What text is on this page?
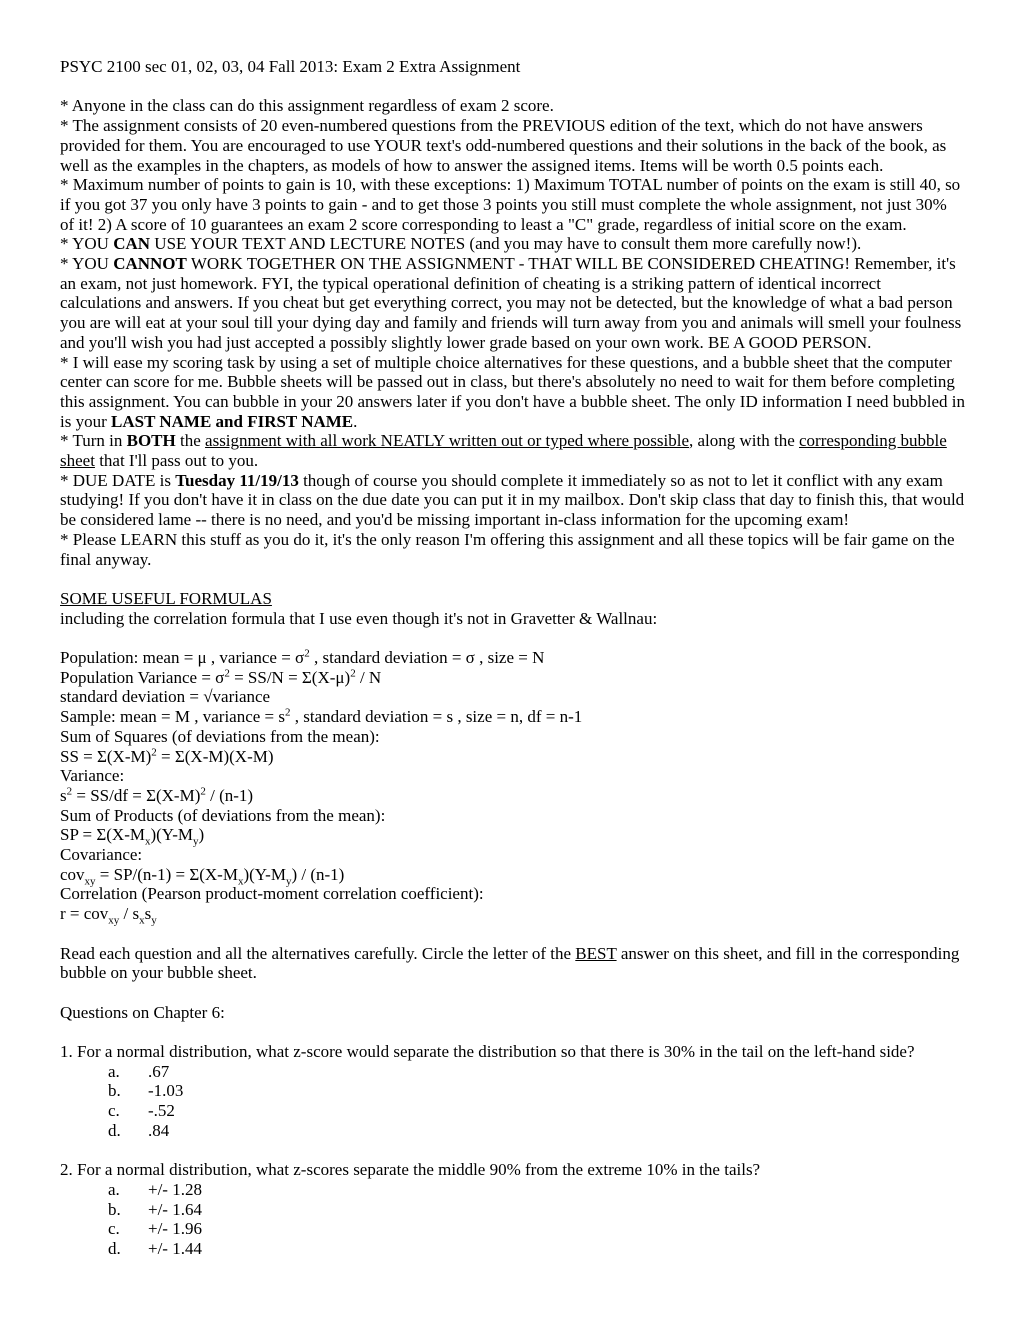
PSYC 2100 sec 01, 02, 03, 04 Fall 2013: Exam 2 Extra Assignment

* Anyone in the class can do this assignment regardless of exam 2 score.
* The assignment consists of 20 even-numbered questions from the PREVIOUS edition of the text, which do not have answers provided for them. You are encouraged to use YOUR text's odd-numbered questions and their solutions in the back of the book, as well as the examples in the chapters, as models of how to answer the assigned items. Items will be worth 0.5 points each.
* Maximum number of points to gain is 10, with these exceptions: 1) Maximum TOTAL number of points on the exam is still 40, so if you got 37 you only have 3 points to gain - and to get those 3 points you still must complete the whole assignment, not just 30% of it! 2) A score of 10 guarantees an exam 2 score corresponding to least a "C" grade, regardless of initial score on the exam.
* YOU CAN USE YOUR TEXT AND LECTURE NOTES (and you may have to consult them more carefully now!).
* YOU CANNOT WORK TOGETHER ON THE ASSIGNMENT - THAT WILL BE CONSIDERED CHEATING! Remember, it's an exam, not just homework. FYI, the typical operational definition of cheating is a striking pattern of identical incorrect calculations and answers. If you cheat but get everything correct, you may not be detected, but the knowledge of what a bad person you are will eat at your soul till your dying day and family and friends will turn away from you and animals will smell your foulness and you'll wish you had just accepted a possibly slightly lower grade based on your own work. BE A GOOD PERSON.
* I will ease my scoring task by using a set of multiple choice alternatives for these questions, and a bubble sheet that the computer center can score for me. Bubble sheets will be passed out in class, but there's absolutely no need to wait for them before completing this assignment. You can bubble in your 20 answers later if you don't have a bubble sheet. The only ID information I need bubbled in is your LAST NAME and FIRST NAME.
* Turn in BOTH the assignment with all work NEATLY written out or typed where possible, along with the corresponding bubble sheet that I'll pass out to you.
* DUE DATE is Tuesday 11/19/13 though of course you should complete it immediately so as not to let it conflict with any exam studying! If you don't have it in class on the due date you can put it in my mailbox. Don't skip class that day to finish this, that would be considered lame -- there is no need, and you'd be missing important in-class information for the upcoming exam!
* Please LEARN this stuff as you do it, it's the only reason I'm offering this assignment and all these topics will be fair game on the final anyway.
SOME USEFUL FORMULAS
including the correlation formula that I use even though it's not in Gravetter & Wallnau:
Population: mean = μ , variance = $\sigma^2$ , standard deviation = σ , size = N
Population Variance = $\sigma^2 = SS/N = \Sigma(X-\mu)^2 / N$
standard deviation = √variance
Sample: mean = M , variance = $s^2$ , standard deviation = s , size = n, df = n-1
Sum of Squares (of deviations from the mean):
SS = $\Sigma(X-M)^2 = \Sigma(X-M)(X-M)$
Variance:
$s^2 = SS/df = \Sigma(X-M)^2 / (n-1)$
Sum of Products (of deviations from the mean):
SP = $\Sigma(X-M_x)(Y-M_y)$
Covariance:
$cov_{xy} = SP/(n-1) = \Sigma(X-M_x)(Y-M_y) / (n-1)$
Correlation (Pearson product-moment correlation coefficient):
$r = cov_{xy} / s_xs_y$
Read each question and all the alternatives carefully. Circle the letter of the BEST answer on this sheet, and fill in the corresponding bubble on your bubble sheet.
Questions on Chapter 6:
1. For a normal distribution, what z-score would separate the distribution so that there is 30% in the tail on the left-hand side?
a. .67
b. -1.03
c. -.52
d. .84
2. For a normal distribution, what z-scores separate the middle 90% from the extreme 10% in the tails?
a. +/- 1.28
b. +/- 1.64
c. +/- 1.96
d. +/- 1.44
